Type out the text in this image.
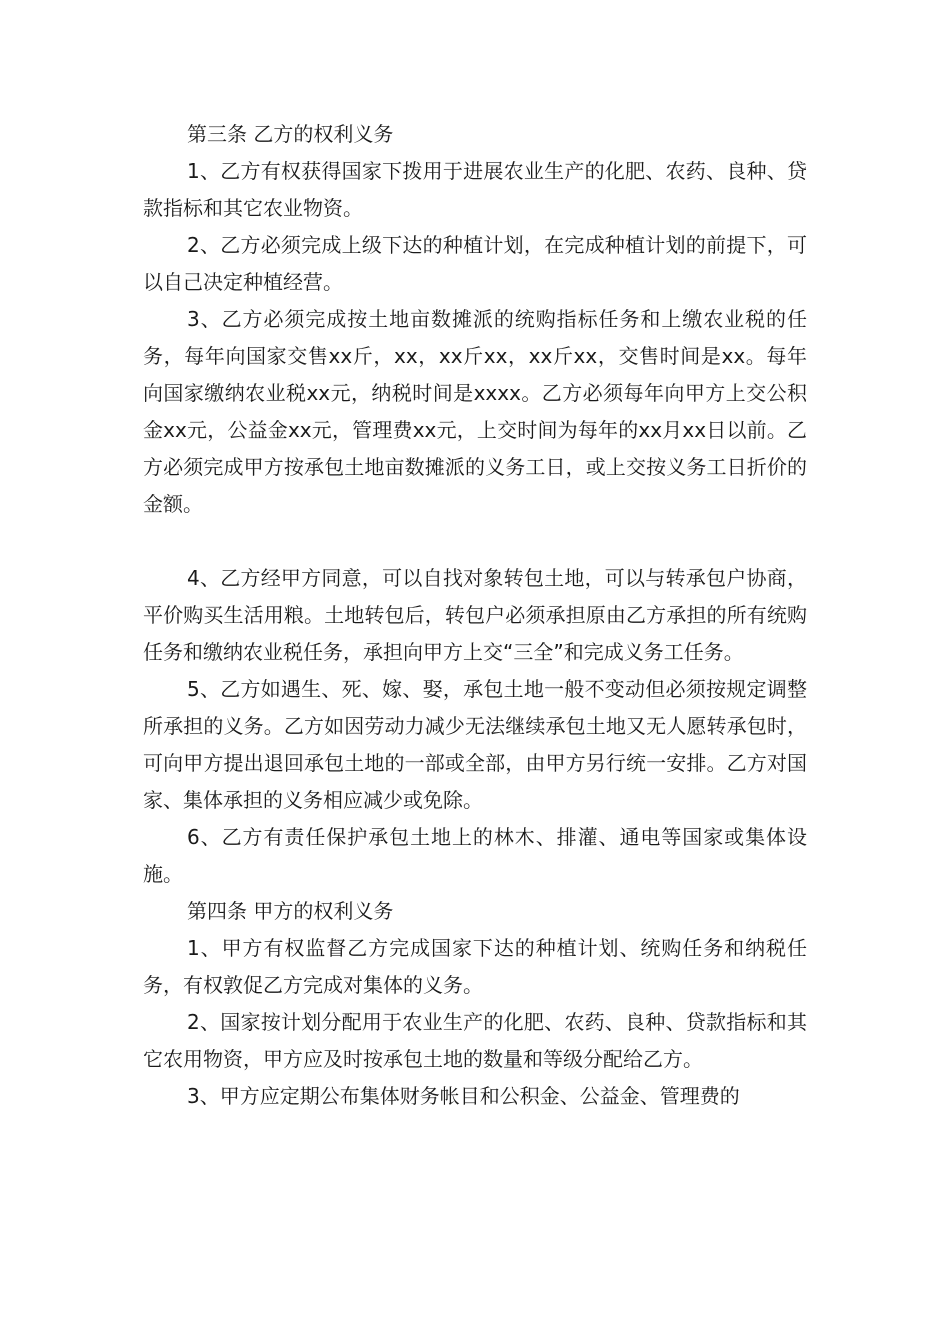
第三条 乙方的权利义务

1、乙方有权获得国家下拨用于进展农业生产的化肥、农药、良种、贷款指标和其它农业物资。

2、乙方必须完成上级下达的种植计划，在完成种植计划的前提下，可以自己决定种植经营。

3、乙方必须完成按土地亩数摊派的统购指标任务和上缴农业税的任务，每年向国家交售xx斤，xx，xx斤xx，xx斤xx，交售时间是xx。每年向国家缴纳农业税xx元，纳税时间是xxxx。乙方必须每年向甲方上交公积金xx元，公益金xx元，管理费xx元，上交时间为每年的xx月xx日以前。乙方必须完成甲方按承包土地亩数摊派的义务工日，或上交按义务工日折价的金额。

4、乙方经甲方同意，可以自找对象转包土地，可以与转承包户协商，平价购买生活用粮。土地转包后，转包户必须承担原由乙方承担的所有统购任务和缴纳农业税任务，承担向甲方上交“三全”和完成义务工任务。

5、乙方如遇生、死、嫁、娶，承包土地一般不变动但必须按规定调整所承担的义务。乙方如因劳动力减少无法继续承包土地又无人愿转承包时，可向甲方提出退回承包土地的一部或全部，由甲方另行统一安排。乙方对国家、集体承担的义务相应减少或免除。

6、乙方有责任保护承包土地上的林木、排灌、通电等国家或集体设施。

第四条 甲方的权利义务

1、甲方有权监督乙方完成国家下达的种植计划、统购任务和纳税任务，有权敦促乙方完成对集体的义务。

2、国家按计划分配用于农业生产的化肥、农药、良种、贷款指标和其它农用物资，甲方应及时按承包土地的数量和等级分配给乙方。

3、甲方应定期公布集体财务帐目和公积金、公益金、管理费的
